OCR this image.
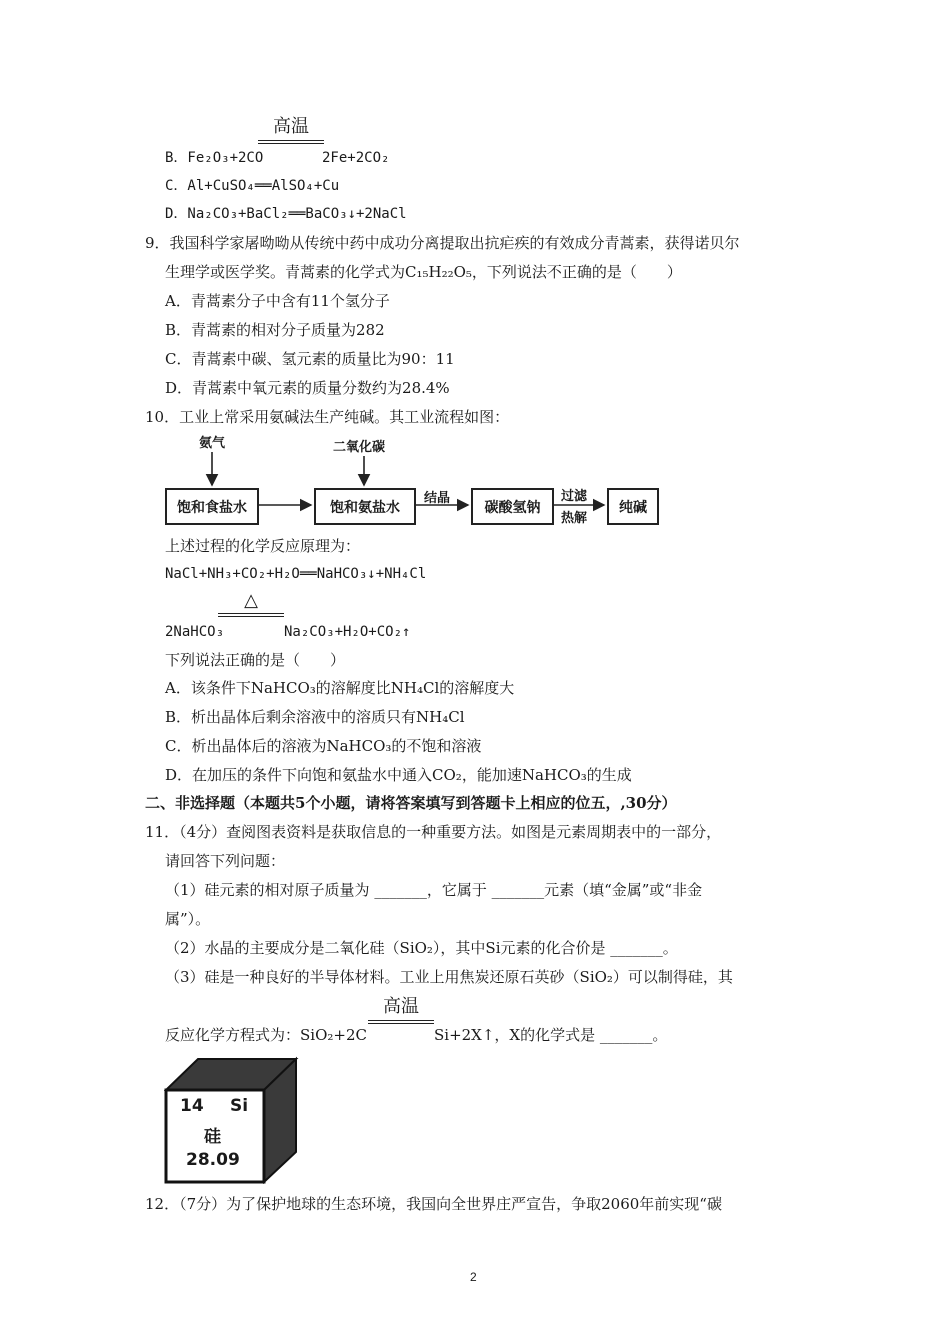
高温
B．Fe₂O₃+2CO	2Fe+2CO₂
C．Al+CuSO₄══AlSO₄+Cu
D．Na₂CO₃+BaCl₂══BaCO₃↓+2NaCl
9．我国科学家屠呦呦从传统中药中成功分离提取出抗疟疾的有效成分青蒿素，获得诺贝尔
生理学或医学奖。青蒿素的化学式为C₁₅H₂₂O₅，下列说法不正确的是（　　）
A．青蒿素分子中含有11个氢分子
B．青蒿素的相对分子质量为282
C．青蒿素中碳、氢元素的质量比为90：11
D．青蒿素中氧元素的质量分数约为28.4%
10．工业上常采用氨碱法生产纯碱。其工业流程如图：
氨气	二氧化碳
饱和食盐水	饱和氨盐水	碳酸氢钠	纯碱
结晶	过滤
热解
上述过程的化学反应原理为：
NaCl+NH₃+CO₂+H₂O══NaHCO₃↓+NH₄Cl
△
2NaHCO₃	Na₂CO₃+H₂O+CO₂↑
下列说法正确的是（　　）
A．该条件下NaHCO₃的溶解度比NH₄Cl的溶解度大
B．析出晶体后剩余溶液中的溶质只有NH₄Cl
C．析出晶体后的溶液为NaHCO₃的不饱和溶液
D．在加压的条件下向饱和氨盐水中通入CO₂，能加速NaHCO₃的生成
二、非选择题（本题共5个小题，请将答案填写到答题卡上相应的位五，,30分）
11．（4分）查阅图表资料是获取信息的一种重要方法。如图是元素周期表中的一部分，
请回答下列问题：
（1）硅元素的相对原子质量为 _______，它属于 _______元素（填“金属”或“非金
属”）。
（2）水晶的主要成分是二氧化硅（SiO₂），其中Si元素的化合价是 _______。
（3）硅是一种良好的半导体材料。工业上用焦炭还原石英砂（SiO₂）可以制得硅，其
高温
反应化学方程式为：SiO₂+2C	Si+2X↑，X的化学式是 _______。
14 Si
硅
28.09
12．（7分）为了保护地球的生态环境，我国向全世界庄严宣告，争取2060年前实现“碳
2
